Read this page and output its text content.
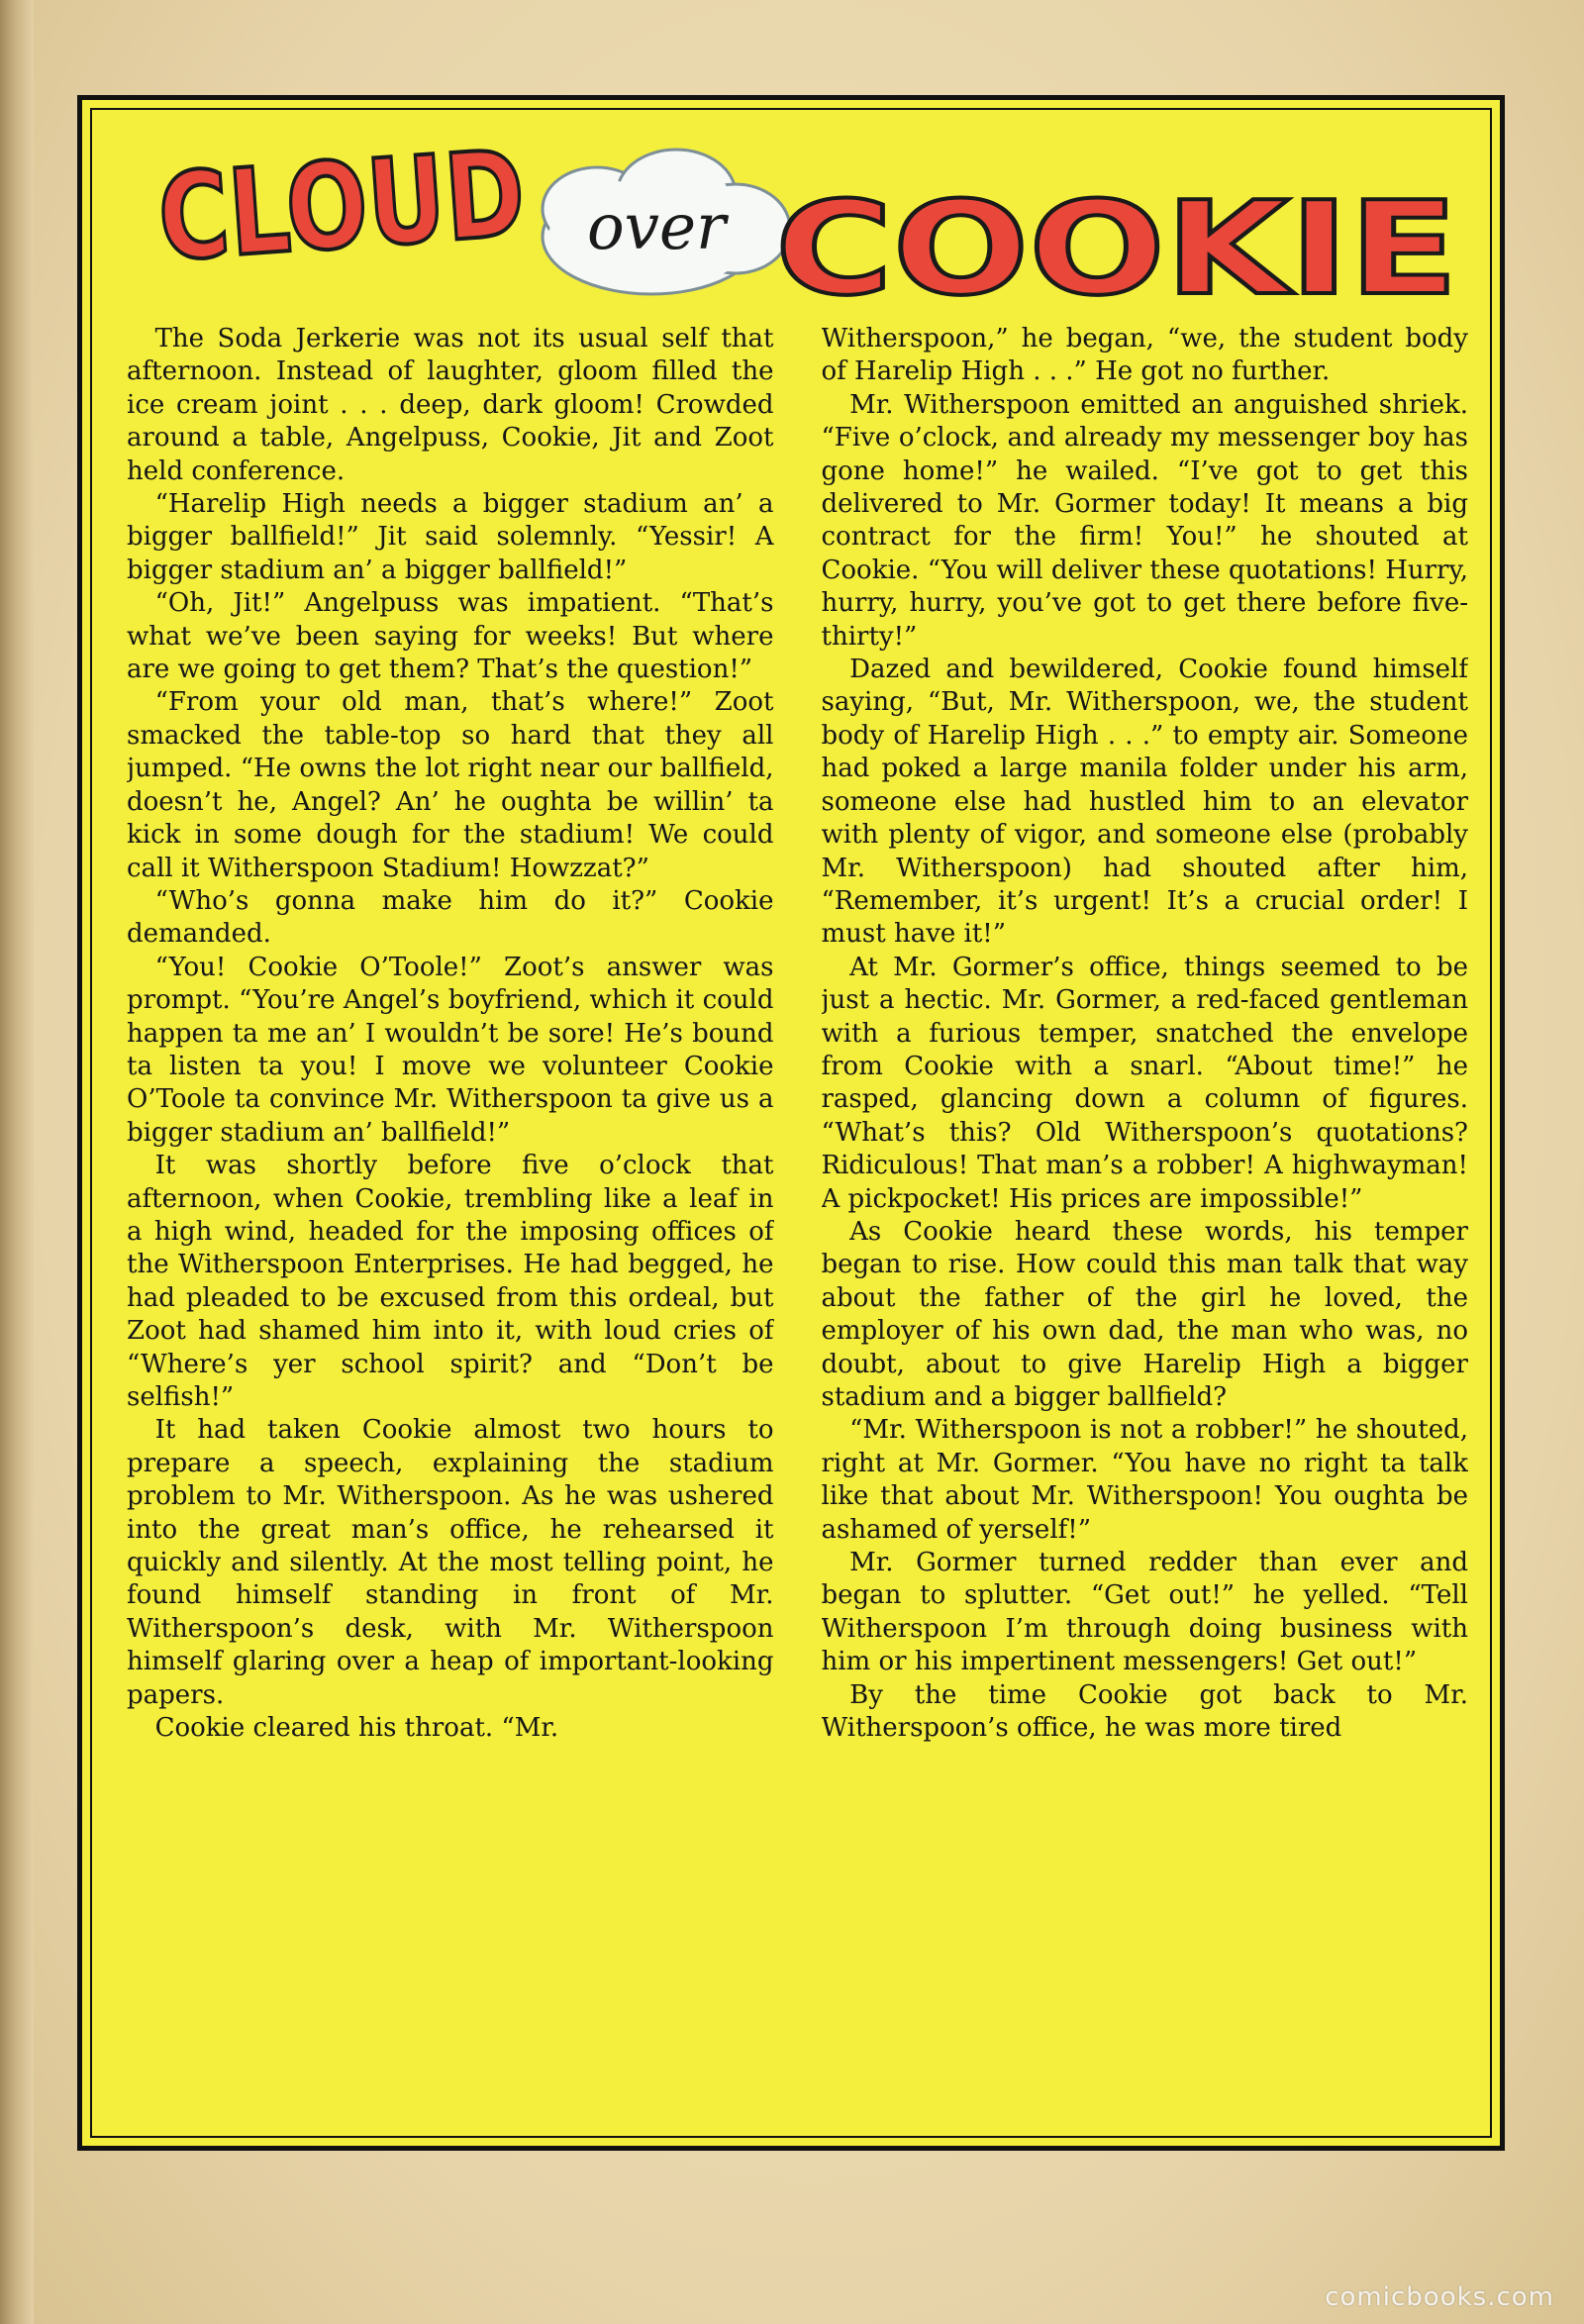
CLOUD
over COOKIE

The Soda Jerkerie was not its usual self that afternoon. Instead of laughter, gloom filled the ice cream joint . . . deep, dark gloom! Crowded around a table, Angelpuss, Cookie, Jit and Zoot held conference.

“Harelip High needs a bigger stadium an’ a bigger ballfield!” Jit said solemnly. “Yessir! A bigger stadium an’ a bigger ballfield!”

“Oh, Jit!” Angelpuss was impatient. “That’s what we’ve been saying for weeks! But where are we going to get them? That’s the question!”

“From your old man, that’s where!” Zoot smacked the table-top so hard that they all jumped. “He owns the lot right near our ballfield, doesn’t he, Angel? An’ he oughta be willin’ ta kick in some dough for the stadium! We could call it Witherspoon Stadium! Howzzat?”

“Who’s gonna make him do it?” Cookie demanded.

“You! Cookie O’Toole!” Zoot’s answer was prompt. “You’re Angel’s boyfriend, which it could happen ta me an’ I wouldn’t be sore! He’s bound ta listen ta you! I move we volunteer Cookie O’Toole ta convince Mr. Witherspoon ta give us a bigger stadium an’ ballfield!”

It was shortly before five o’clock that afternoon, when Cookie, trembling like a leaf in a high wind, headed for the imposing offices of the Witherspoon Enterprises. He had begged, he had pleaded to be excused from this ordeal, but Zoot had shamed him into it, with loud cries of “Where’s yer school spirit? and “Don’t be selfish!”

It had taken Cookie almost two hours to prepare a speech, explaining the stadium problem to Mr. Witherspoon. As he was ushered into the great man’s office, he rehearsed it quickly and silently. At the most telling point, he found himself standing in front of Mr. Witherspoon’s desk, with Mr. Witherspoon himself glaring over a heap of important-looking papers.

Cookie cleared his throat. “Mr.

Witherspoon,” he began, “we, the student body of Harelip High . . .” He got no further.

Mr. Witherspoon emitted an anguished shriek. “Five o’clock, and already my messenger boy has gone home!” he wailed. “I’ve got to get this delivered to Mr. Gormer today! It means a big contract for the firm! You!” he shouted at Cookie. “You will deliver these quotations! Hurry, hurry, hurry, you’ve got to get there before five-thirty!”

Dazed and bewildered, Cookie found himself saying, “But, Mr. Witherspoon, we, the student body of Harelip High . . .” to empty air. Someone had poked a large manila folder under his arm, someone else had hustled him to an elevator with plenty of vigor, and someone else (probably Mr. Witherspoon) had shouted after him, “Remember, it’s urgent! It’s a crucial order! I must have it!”

At Mr. Gormer’s office, things seemed to be just a hectic. Mr. Gormer, a red-faced gentleman with a furious temper, snatched the envelope from Cookie with a snarl. “About time!” he rasped, glancing down a column of figures. “What’s this? Old Witherspoon’s quotations? Ridiculous! That man’s a robber! A highwayman! A pickpocket! His prices are impossible!”

As Cookie heard these words, his temper began to rise. How could this man talk that way about the father of the girl he loved, the employer of his own dad, the man who was, no doubt, about to give Harelip High a bigger stadium and a bigger ballfield?

“Mr. Witherspoon is not a robber!” he shouted, right at Mr. Gormer. “You have no right ta talk like that about Mr. Witherspoon! You oughta be ashamed of yerself!”

Mr. Gormer turned redder than ever and began to splutter. “Get out!” he yelled. “Tell Witherspoon I’m through doing business with him or his impertinent messengers! Get out!”

By the time Cookie got back to Mr. Witherspoon’s office, he was more tired

comicbooks.com
